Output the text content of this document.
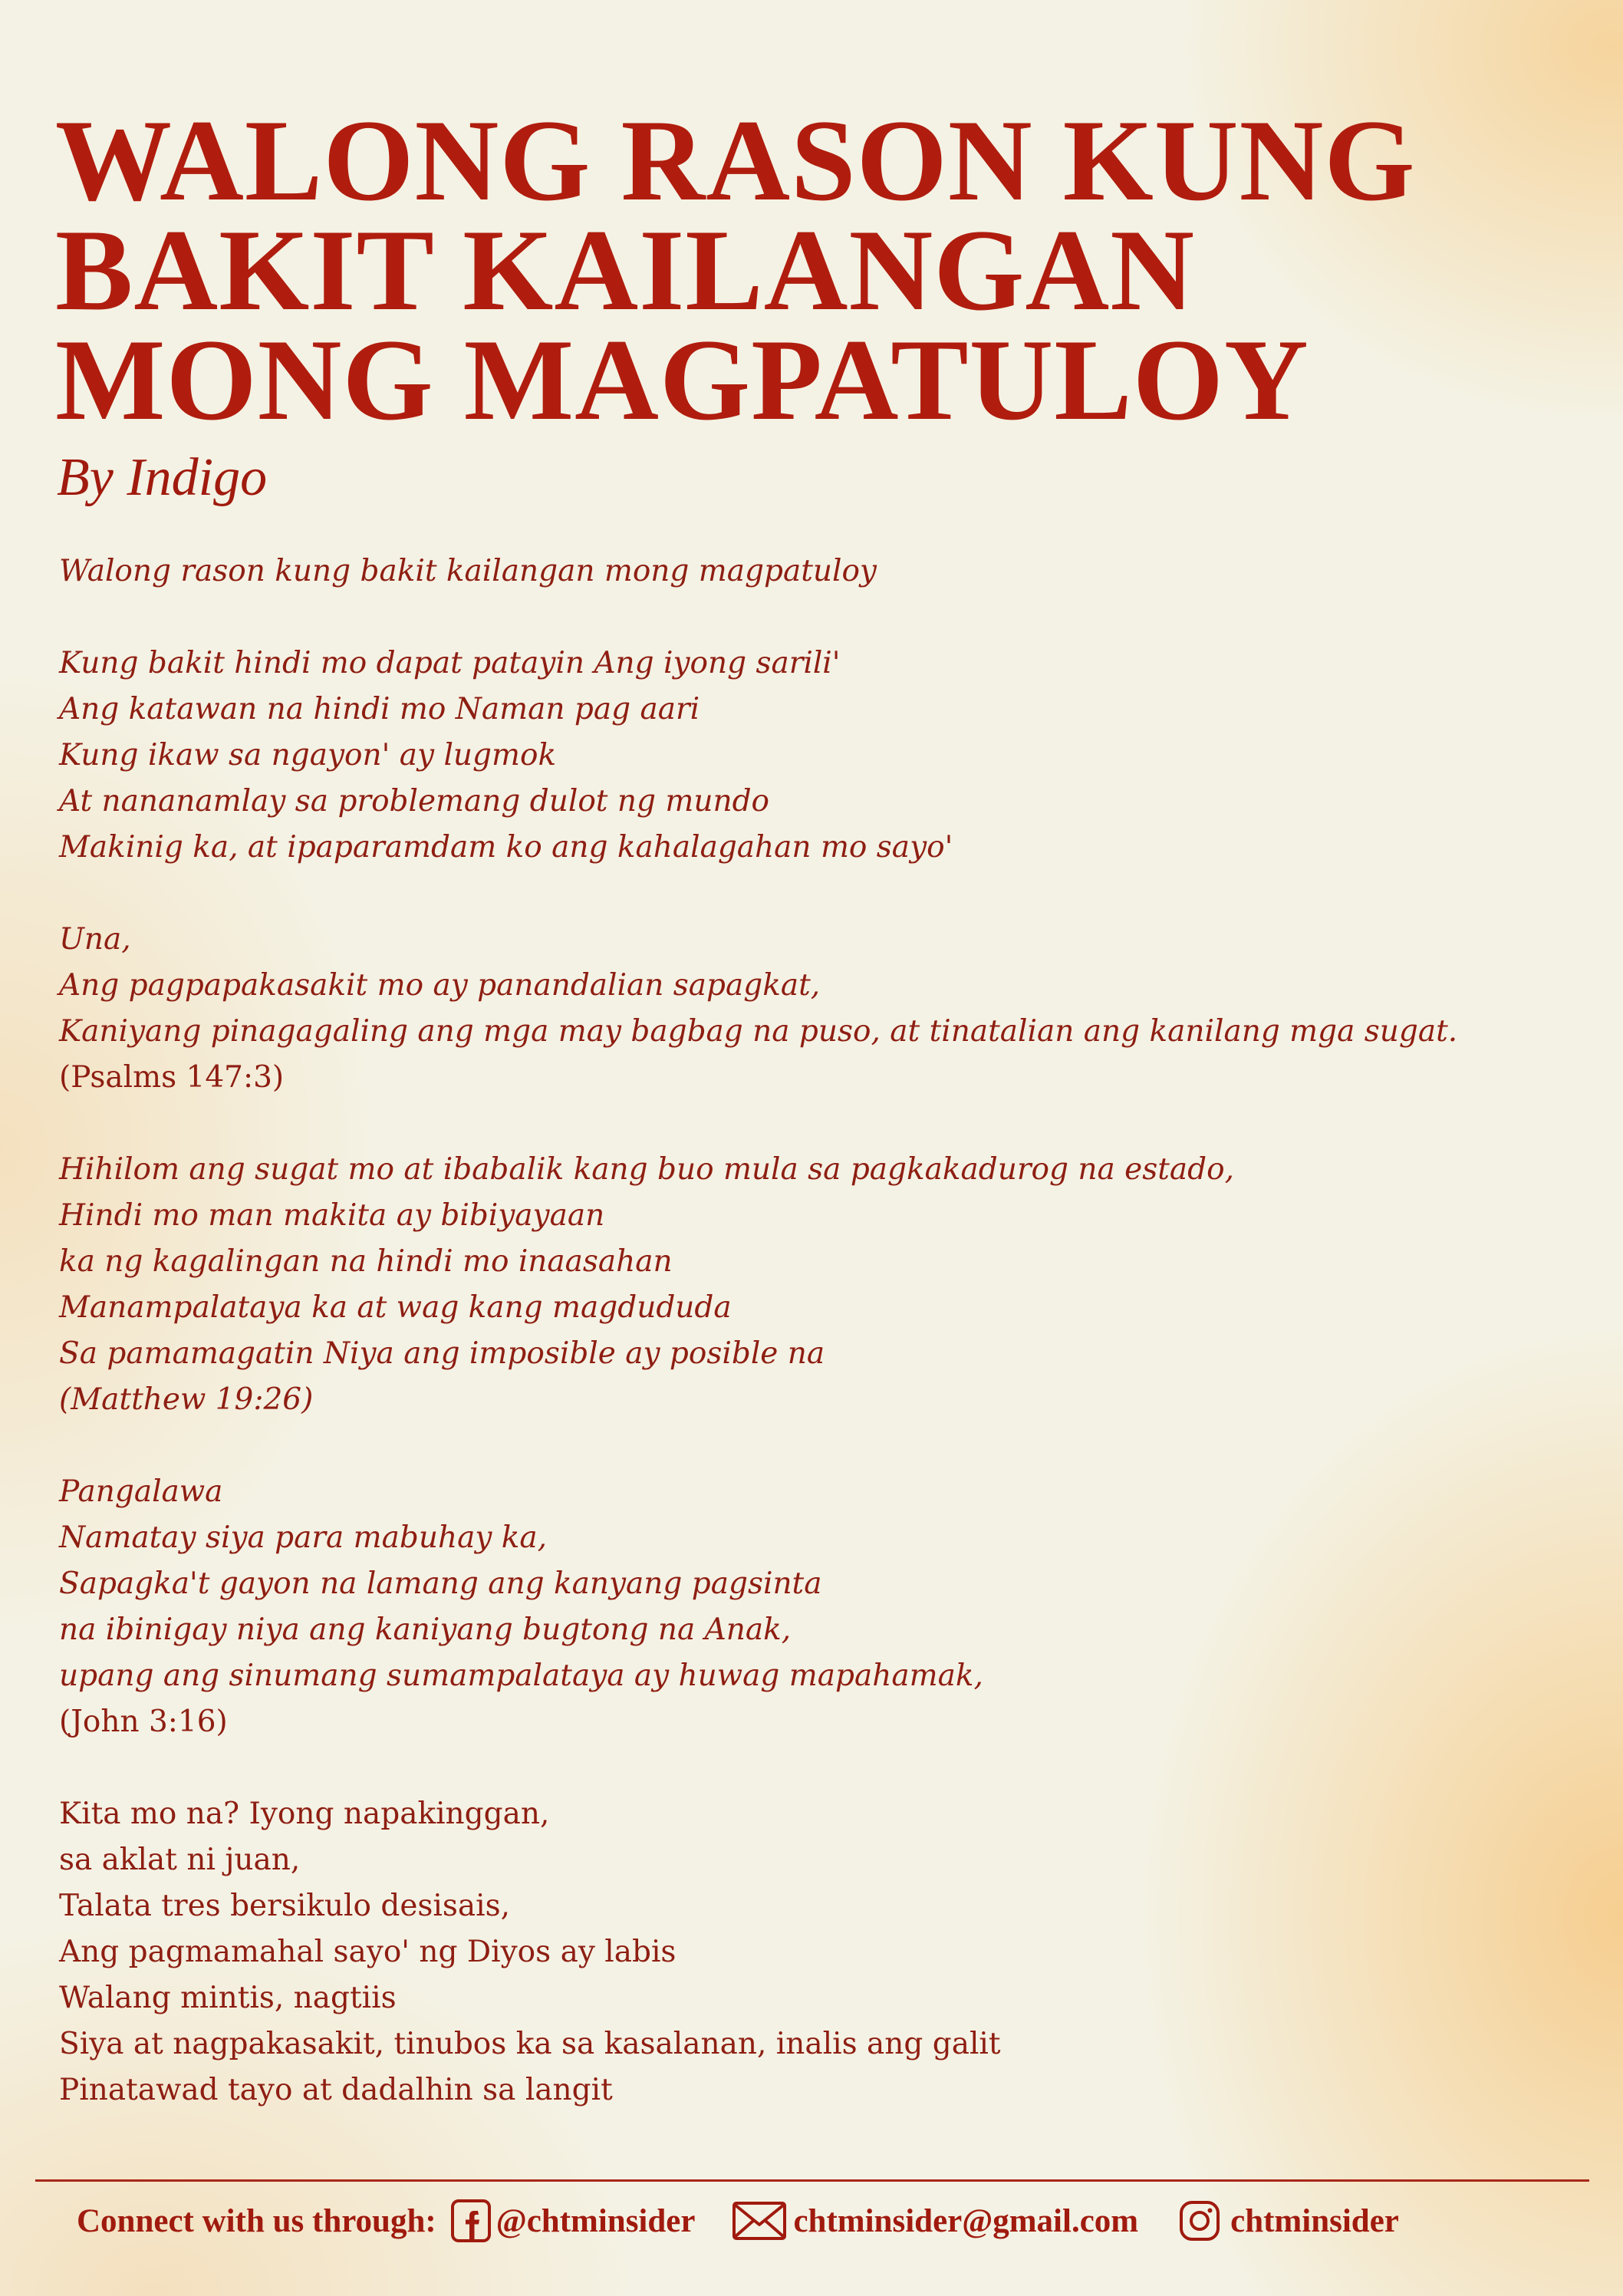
WALONG RASON KUNG
BAKIT KAILANGAN
MONG MAGPATULOY

By Indigo

Walong rason kung bakit kailangan mong magpatuloy
Kung bakit hindi mo dapat patayin Ang iyong sarili'
Ang katawan na hindi mo Naman pag aari
Kung ikaw sa ngayon' ay lugmok
At nananamlay sa problemang dulot ng mundo
Makinig ka, at ipaparamdam ko ang kahalagahan mo sayo'
Una,
Ang pagpapakasakit mo ay panandalian sapagkat,
Kaniyang pinagagaling ang mga may bagbag na puso, at tinatalian ang kanilang mga sugat.
(Psalms 147:3)
Hihilom ang sugat mo at ibabalik kang buo mula sa pagkakadurog na estado,
Hindi mo man makita ay bibiyayaan
ka ng kagalingan na hindi mo inaasahan
Manampalataya ka at wag kang magdududa
Sa pamamagatin Niya ang imposible ay posible na
(Matthew 19:26)
Pangalawa
Namatay siya para mabuhay ka,
Sapagka't gayon na lamang ang kanyang pagsinta
na ibinigay niya ang kaniyang bugtong na Anak,
upang ang sinumang sumampalataya ay huwag mapahamak,
(John 3:16)
Kita mo na? Iyong napakinggan,
sa aklat ni juan,
Talata tres bersikulo desisais,
Ang pagmamahal sayo' ng Diyos ay labis
Walang mintis, nagtiis
Siya at nagpakasakit, tinubos ka sa kasalanan, inalis ang galit
Pinatawad tayo at dadalhin sa langit
Connect with us through: @chtminsider	chtminsider@gmail.com	chtminsider
